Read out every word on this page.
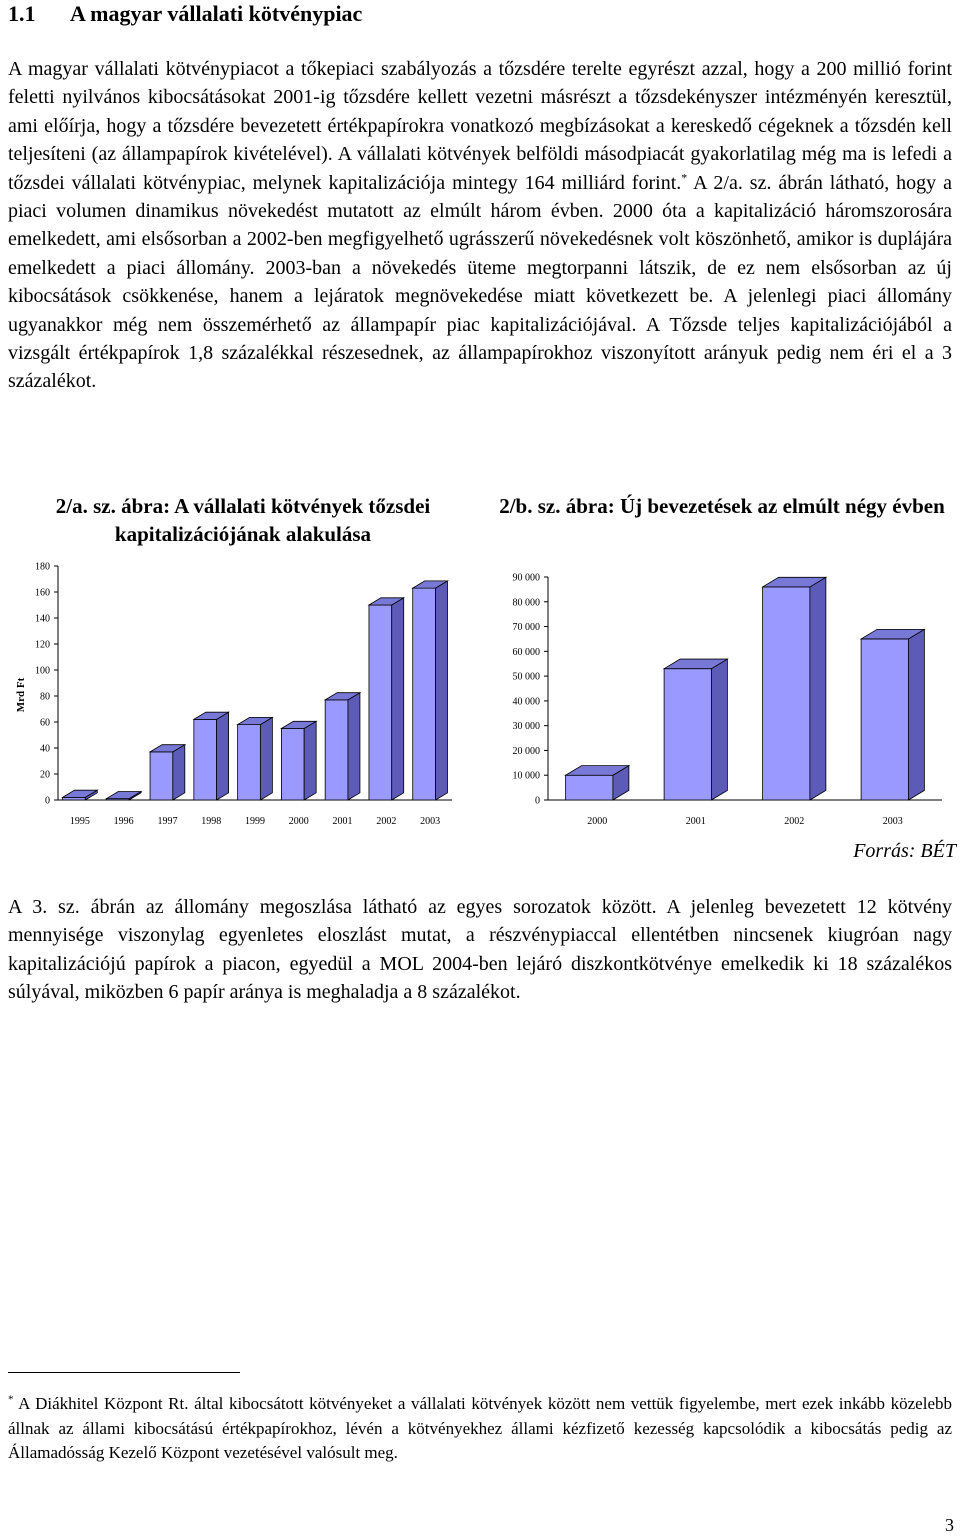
1.1 A magyar vállalati kötvénypiac

A magyar vállalati kötvénypiacot a tőkepiaci szabályozás a tőzsdére terelte egyrészt azzal, hogy a 200 millió forint feletti nyilvános kibocsátásokat 2001-ig tőzsdére kellett vezetni másrészt a tőzsdekényszer intézményén keresztül, ami előírja, hogy a tőzsdére bevezetett értékpapírokra vonatkozó megbízásokat a kereskedő cégeknek a tőzsdén kell teljesíteni (az állampapírok kivételével). A vállalati kötvények belföldi másodpiacát gyakorlatilag még ma is lefedi a tőzsdei vállalati kötvénypiac, melynek kapitalizációja mintegy 164 milliárd forint.* A 2/a. sz. ábrán látható, hogy a piaci volumen dinamikus növekedést mutatott az elmúlt három évben. 2000 óta a kapitalizáció háromszorosára emelkedett, ami elsősorban a 2002-ben megfigyelhető ugrásszerű növekedésnek volt köszönhető, amikor is duplájára emelkedett a piaci állomány. 2003-ban a növekedés üteme megtorpanni látszik, de ez nem elsősorban az új kibocsátások csökkenése, hanem a lejáratok megnövekedése miatt következett be. A jelenlegi piaci állomány ugyanakkor még nem összemérhető az állampapír piac kapitalizációjával. A Tőzsde teljes kapitalizációjából a vizsgált értékpapírok 1,8 százalékkal részesednek, az állampapírokhoz viszonyított arányuk pedig nem éri el a 3 százalékot.

2/a. sz. ábra: A vállalati kötvények tőzsdei kapitalizációjának alakulása
2/b. sz. ábra: Új bevezetések az elmúlt négy évben
0
20
40
60
80
100
120
140
160
180
Mrd Ft
1995 1996 1997 1998 1999 2000 2001 2002 2003
0
10 000
20 000
30 000
40 000
50 000
60 000
70 000
80 000
90 000
2000	2001	2002	2003
Forrás: BÉT

A 3. sz. ábrán az állomány megoszlása látható az egyes sorozatok között. A jelenleg bevezetett 12 kötvény mennyisége viszonylag egyenletes eloszlást mutat, a részvénypiaccal ellentétben nincsenek kiugróan nagy kapitalizációjú papírok a piacon, egyedül a MOL 2004-ben lejáró diszkontkötvénye emelkedik ki 18 százalékos súlyával, miközben 6 papír aránya is meghaladja a 8 százalékot.

* A Diákhitel Központ Rt. által kibocsátott kötvényeket a vállalati kötvények között nem vettük figyelembe, mert ezek inkább közelebb állnak az állami kibocsátású értékpapírokhoz, lévén a kötvényekhez állami kézfizető kezesség kapcsolódik a kibocsátás pedig az Államadósság Kezelő Központ vezetésével valósult meg.

3
